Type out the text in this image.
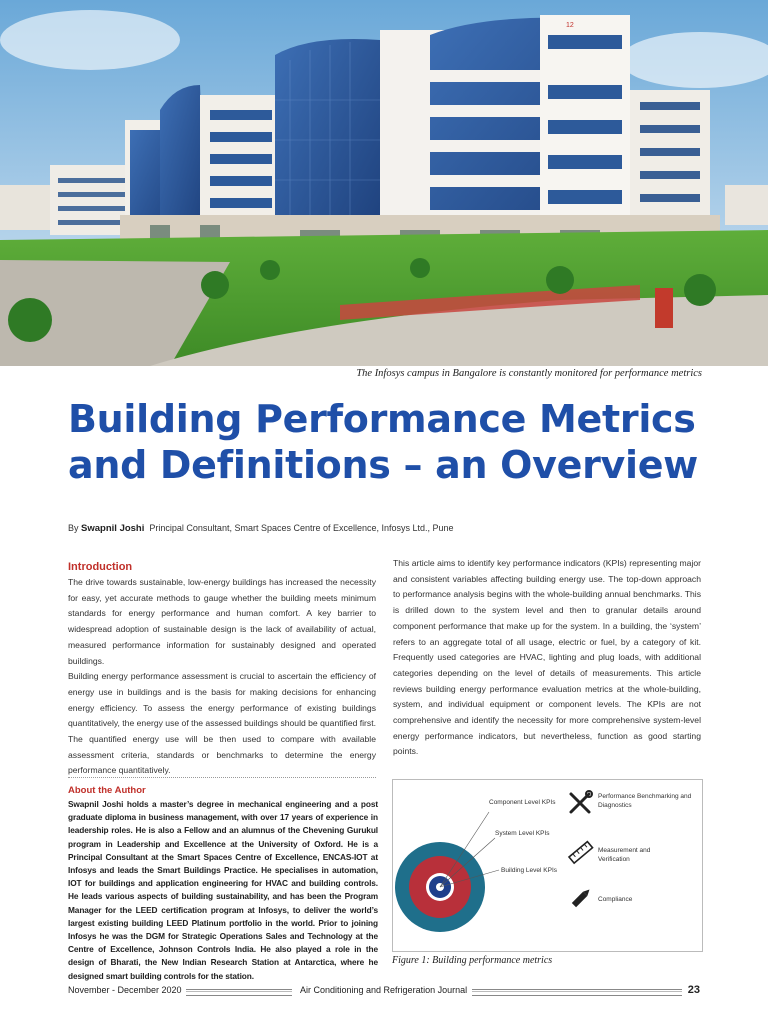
12
The Infosys campus in Bangalore is constantly monitored for performance metrics
Building Performance Metrics
and Definitions – an Overview
By Swapnil Joshi Principal Consultant, Smart Spaces Centre of Excellence, Infosys Ltd., Pune
Introduction

The drive towards sustainable, low-energy buildings has increased the necessity for easy, yet accurate methods to gauge whether the building meets minimum standards for energy performance and human comfort. A key barrier to widespread adoption of sustainable design is the lack of availability of actual, measured performance information for sustainably designed and operated buildings.

Building energy performance assessment is crucial to ascertain the efficiency of energy use in buildings and is the basis for making decisions for enhancing energy efficiency. To assess the energy performance of existing buildings quantitatively, the energy use of the assessed buildings should be quantified first. The quantified energy use will be then used to compare with available assessment criteria, standards or benchmarks to determine the energy performance quantitatively.

About the Author

Swapnil Joshi holds a master’s degree in mechanical engineering and a post graduate diploma in business management, with over 17 years of experience in leadership roles. He is also a Fellow and an alumnus of the Chevening Gurukul program in Leadership and Excellence at the University of Oxford. He is a Principal Consultant at the Smart Spaces Centre of Excellence, ENCAS-IOT at Infosys and leads the Smart Buildings Practice. He specialises in automation, IOT for buildings and application engineering for HVAC and building controls. He leads various aspects of building sustainability, and has been the Program Manager for the LEED certification program at Infosys, to deliver the world’s largest existing building LEED Platinum portfolio in the world. Prior to joining Infosys he was the DGM for Strategic Operations Sales and Technology at the Centre of Excellence, Johnson Controls India. He also played a role in the design of Bharati, the New Indian Research Station at Antarctica, where he designed smart building controls for the station.

This article aims to identify key performance indicators (KPIs) representing major and consistent variables affecting building energy use. The top-down approach to performance analysis begins with the whole-building annual benchmarks. This is drilled down to the system level and then to granular details around component performance that make up for the system. In a building, the ‘system’ refers to an aggregate total of all usage, electric or fuel, by a category of kit. Frequently used categories are HVAC, lighting and plug loads, with additional categories depending on the level of details of measurements. This article reviews building energy performance evaluation metrics at the whole-building, system, and individual equipment or component levels. The KPIs are not comprehensive and identify the necessity for more comprehensive system-level energy performance indicators, but nevertheless, function as good starting points.

Component Level KPIs
System Level KPIs
Building Level KPIs
Performance Benchmarking and
Diagnostics
Measurement and
Verification
Compliance
Figure 1: Building performance metrics
November - December 2020	Air Conditioning and Refrigeration Journal	23
